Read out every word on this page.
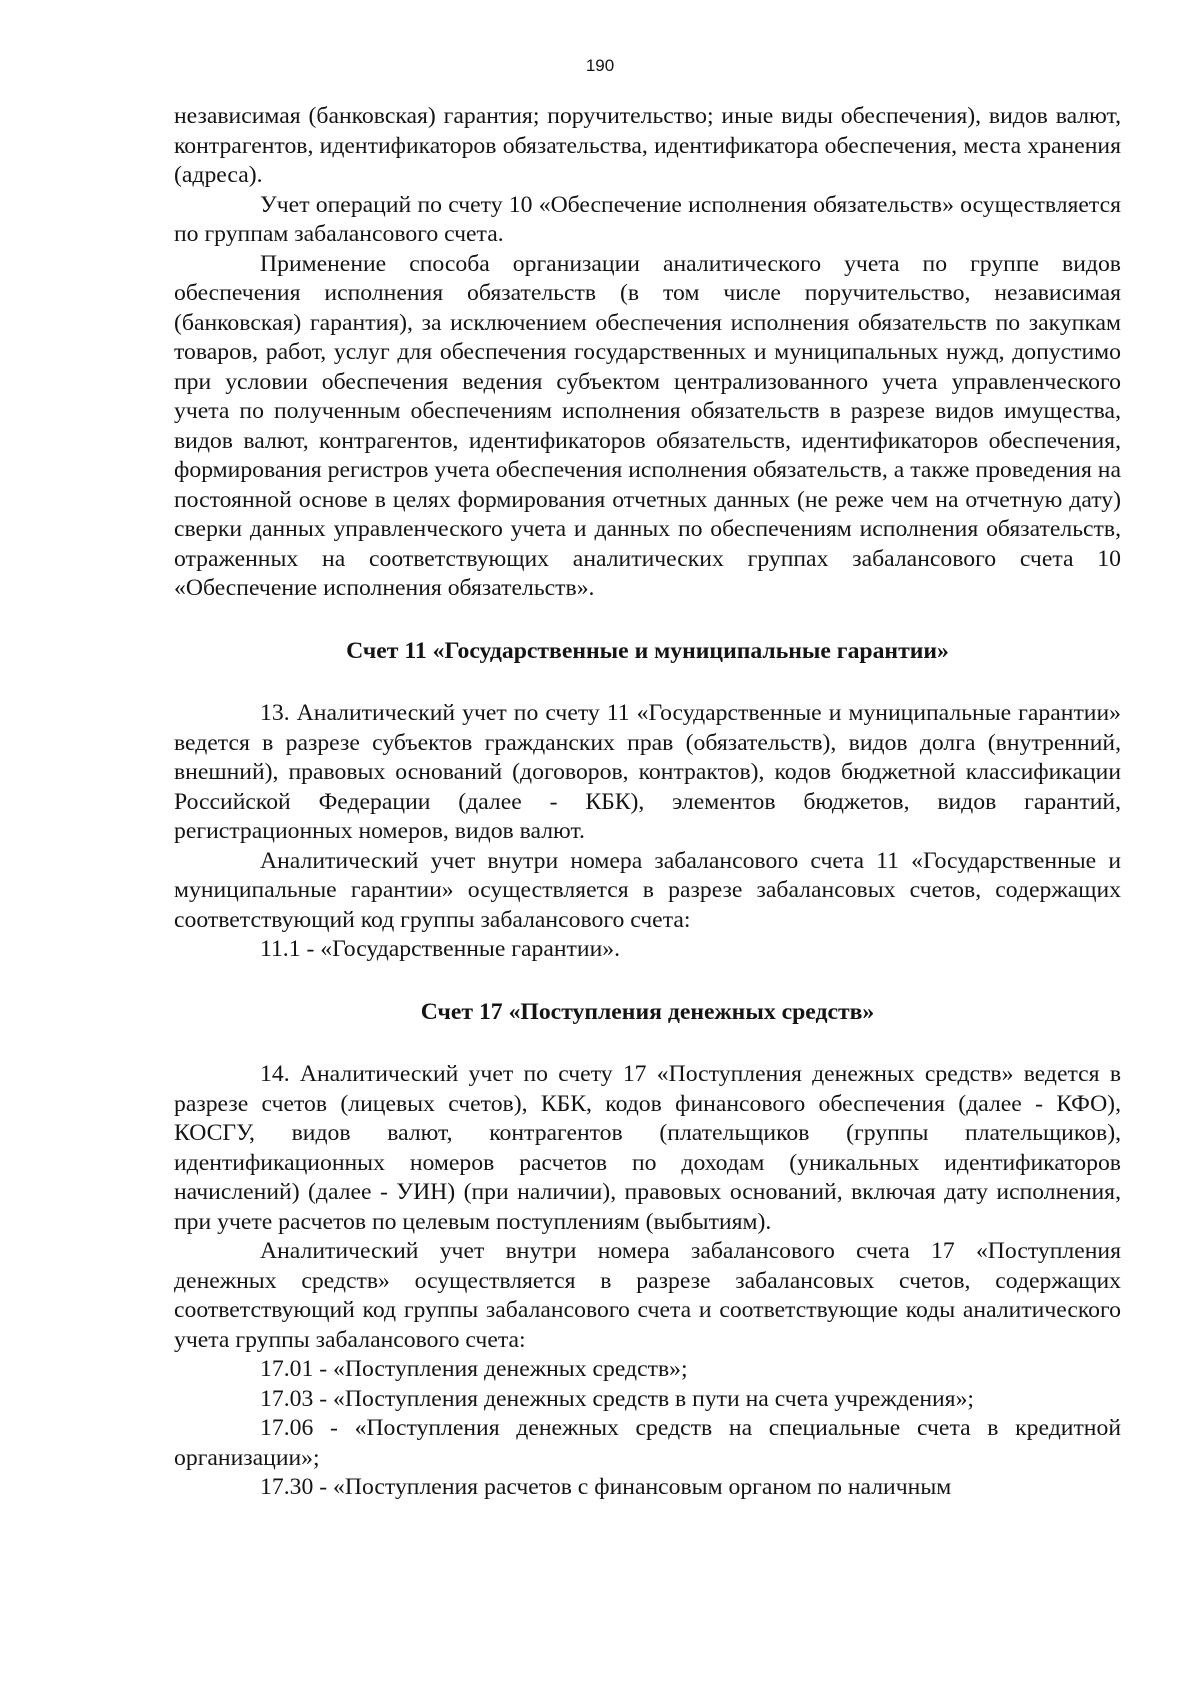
190

независимая (банковская) гарантия; поручительство; иные виды обеспечения), видов валют, контрагентов, идентификаторов обязательства, идентификатора обеспечения, места хранения (адреса).

Учет операций по счету 10 «Обеспечение исполнения обязательств» осуществляется по группам забалансового счета.

Применение способа организации аналитического учета по группе видов обеспечения исполнения обязательств (в том числе поручительство, независимая (банковская) гарантия), за исключением обеспечения исполнения обязательств по закупкам товаров, работ, услуг для обеспечения государственных и муниципальных нужд, допустимо при условии обеспечения ведения субъектом централизованного учета управленческого учета по полученным обеспечениям исполнения обязательств в разрезе видов имущества, видов валют, контрагентов, идентификаторов обязательств, идентификаторов обеспечения, формирования регистров учета обеспечения исполнения обязательств, а также проведения на постоянной основе в целях формирования отчетных данных (не реже чем на отчетную дату) сверки данных управленческого учета и данных по обеспечениям исполнения обязательств, отраженных на соответствующих аналитических группах забалансового счета 10 «Обеспечение исполнения обязательств».

Счет 11 «Государственные и муниципальные гарантии»

13. Аналитический учет по счету 11 «Государственные и муниципальные гарантии» ведется в разрезе субъектов гражданских прав (обязательств), видов долга (внутренний, внешний), правовых оснований (договоров, контрактов), кодов бюджетной классификации Российской Федерации (далее - КБК), элементов бюджетов, видов гарантий, регистрационных номеров, видов валют.

Аналитический учет внутри номера забалансового счета 11 «Государственные и муниципальные гарантии» осуществляется в разрезе забалансовых счетов, содержащих соответствующий код группы забалансового счета:

11.1 - «Государственные гарантии».

Счет 17 «Поступления денежных средств»

14. Аналитический учет по счету 17 «Поступления денежных средств» ведется в разрезе счетов (лицевых счетов), КБК, кодов финансового обеспечения (далее - КФО), КОСГУ, видов валют, контрагентов (плательщиков (группы плательщиков), идентификационных номеров расчетов по доходам (уникальных идентификаторов начислений) (далее - УИН) (при наличии), правовых оснований, включая дату исполнения, при учете расчетов по целевым поступлениям (выбытиям).

Аналитический учет внутри номера забалансового счета 17 «Поступления денежных средств» осуществляется в разрезе забалансовых счетов, содержащих соответствующий код группы забалансового счета и соответствующие коды аналитического учета группы забалансового счета:

17.01 - «Поступления денежных средств»;

17.03 - «Поступления денежных средств в пути на счета учреждения»;

17.06 - «Поступления денежных средств на специальные счета в кредитной организации»;

17.30 - «Поступления расчетов с финансовым органом по наличным
